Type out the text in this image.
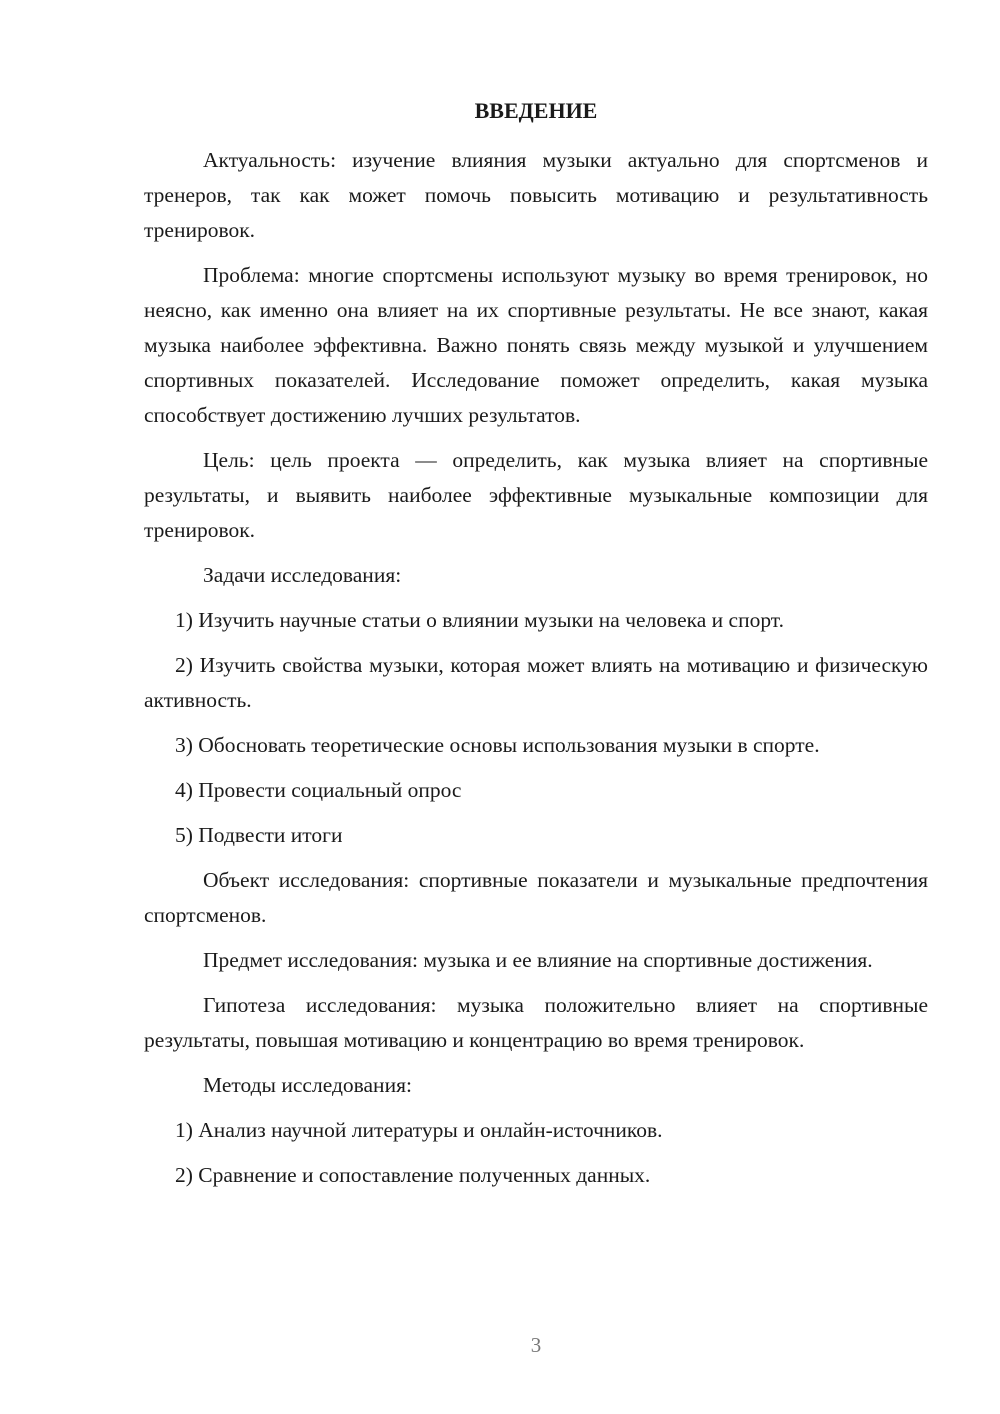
ВВЕДЕНИЕ

Актуальность: изучение влияния музыки актуально для спортсменов и тренеров, так как может помочь повысить мотивацию и результативность тренировок.

Проблема: многие спортсмены используют музыку во время тренировок, но неясно, как именно она влияет на их спортивные результаты. Не все знают, какая музыка наиболее эффективна. Важно понять связь между музыкой и улучшением спортивных показателей. Исследование поможет определить, какая музыка способствует достижению лучших результатов.

Цель: цель проекта — определить, как музыка влияет на спортивные результаты, и выявить наиболее эффективные музыкальные композиции для тренировок.

Задачи исследования:

1) Изучить научные статьи о влиянии музыки на человека и спорт.

2) Изучить свойства музыки, которая может влиять на мотивацию и физическую активность.

3) Обосновать теоретические основы использования музыки в спорте.

4) Провести социальный опрос

5) Подвести итоги

Объект исследования: спортивные показатели и музыкальные предпочтения спортсменов.

Предмет исследования: музыка и ее влияние на спортивные достижения.

Гипотеза исследования: музыка положительно влияет на спортивные результаты, повышая мотивацию и концентрацию во время тренировок.

Методы исследования:

1) Анализ научной литературы и онлайн-источников.

2) Сравнение и сопоставление полученных данных.

3
